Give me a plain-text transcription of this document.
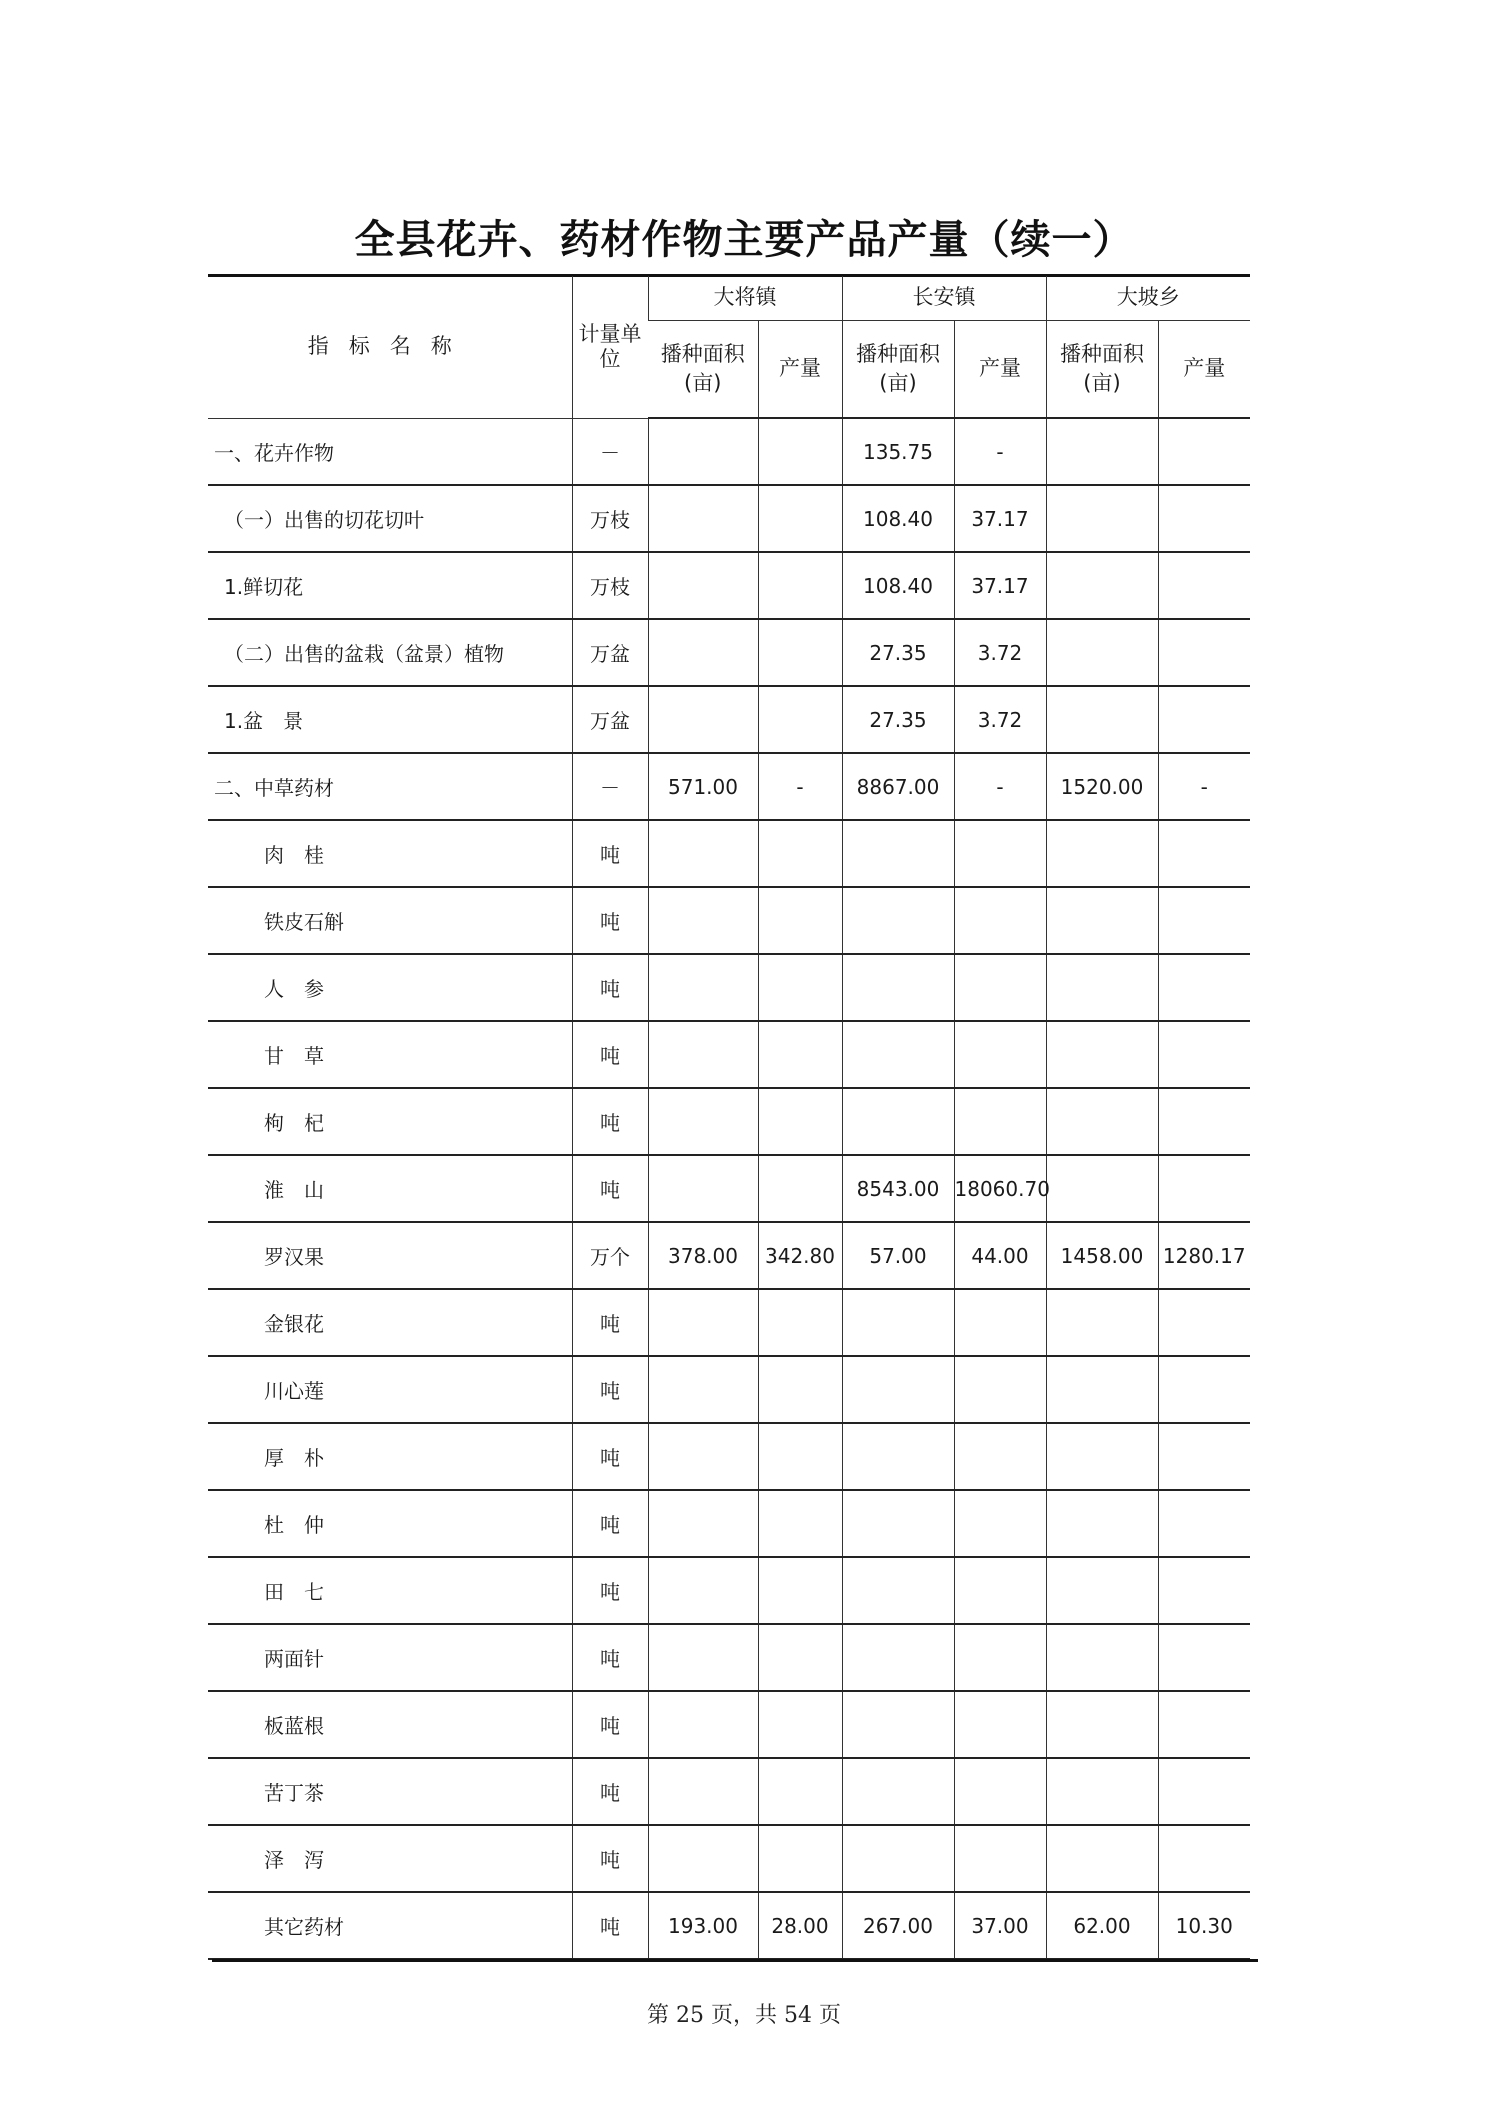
全县花卉、药材作物主要产品产量（续一）
指标名称	计量单位	大将镇		长安镇		大坡乡	
		播种面积(亩)	产量	播种面积(亩)	产量	播种面积(亩)	产量
一、花卉作物	－			135.75	-		
（一）出售的切花切叶	万枝			108.40	37.17		
1.鲜切花	万枝			108.40	37.17		
（二）出售的盆栽（盆景）植物	万盆			27.35	3.72		
1.盆　景	万盆			27.35	3.72		
二、中草药材	－	571.00	-	8867.00	-	1520.00	-
肉　桂	吨						
铁皮石斛	吨						
人　参	吨						
甘　草	吨						
枸　杞	吨						
淮　山	吨			8543.00	18060.70		
罗汉果	万个	378.00	342.80	57.00	44.00	1458.00	1280.17
金银花	吨						
川心莲	吨						
厚　朴	吨						
杜　仲	吨						
田　七	吨						
两面针	吨						
板蓝根	吨						
苦丁茶	吨						
泽　泻	吨						
其它药材	吨	193.00	28.00	267.00	37.00	62.00	10.30
第 25 页，共 54 页
